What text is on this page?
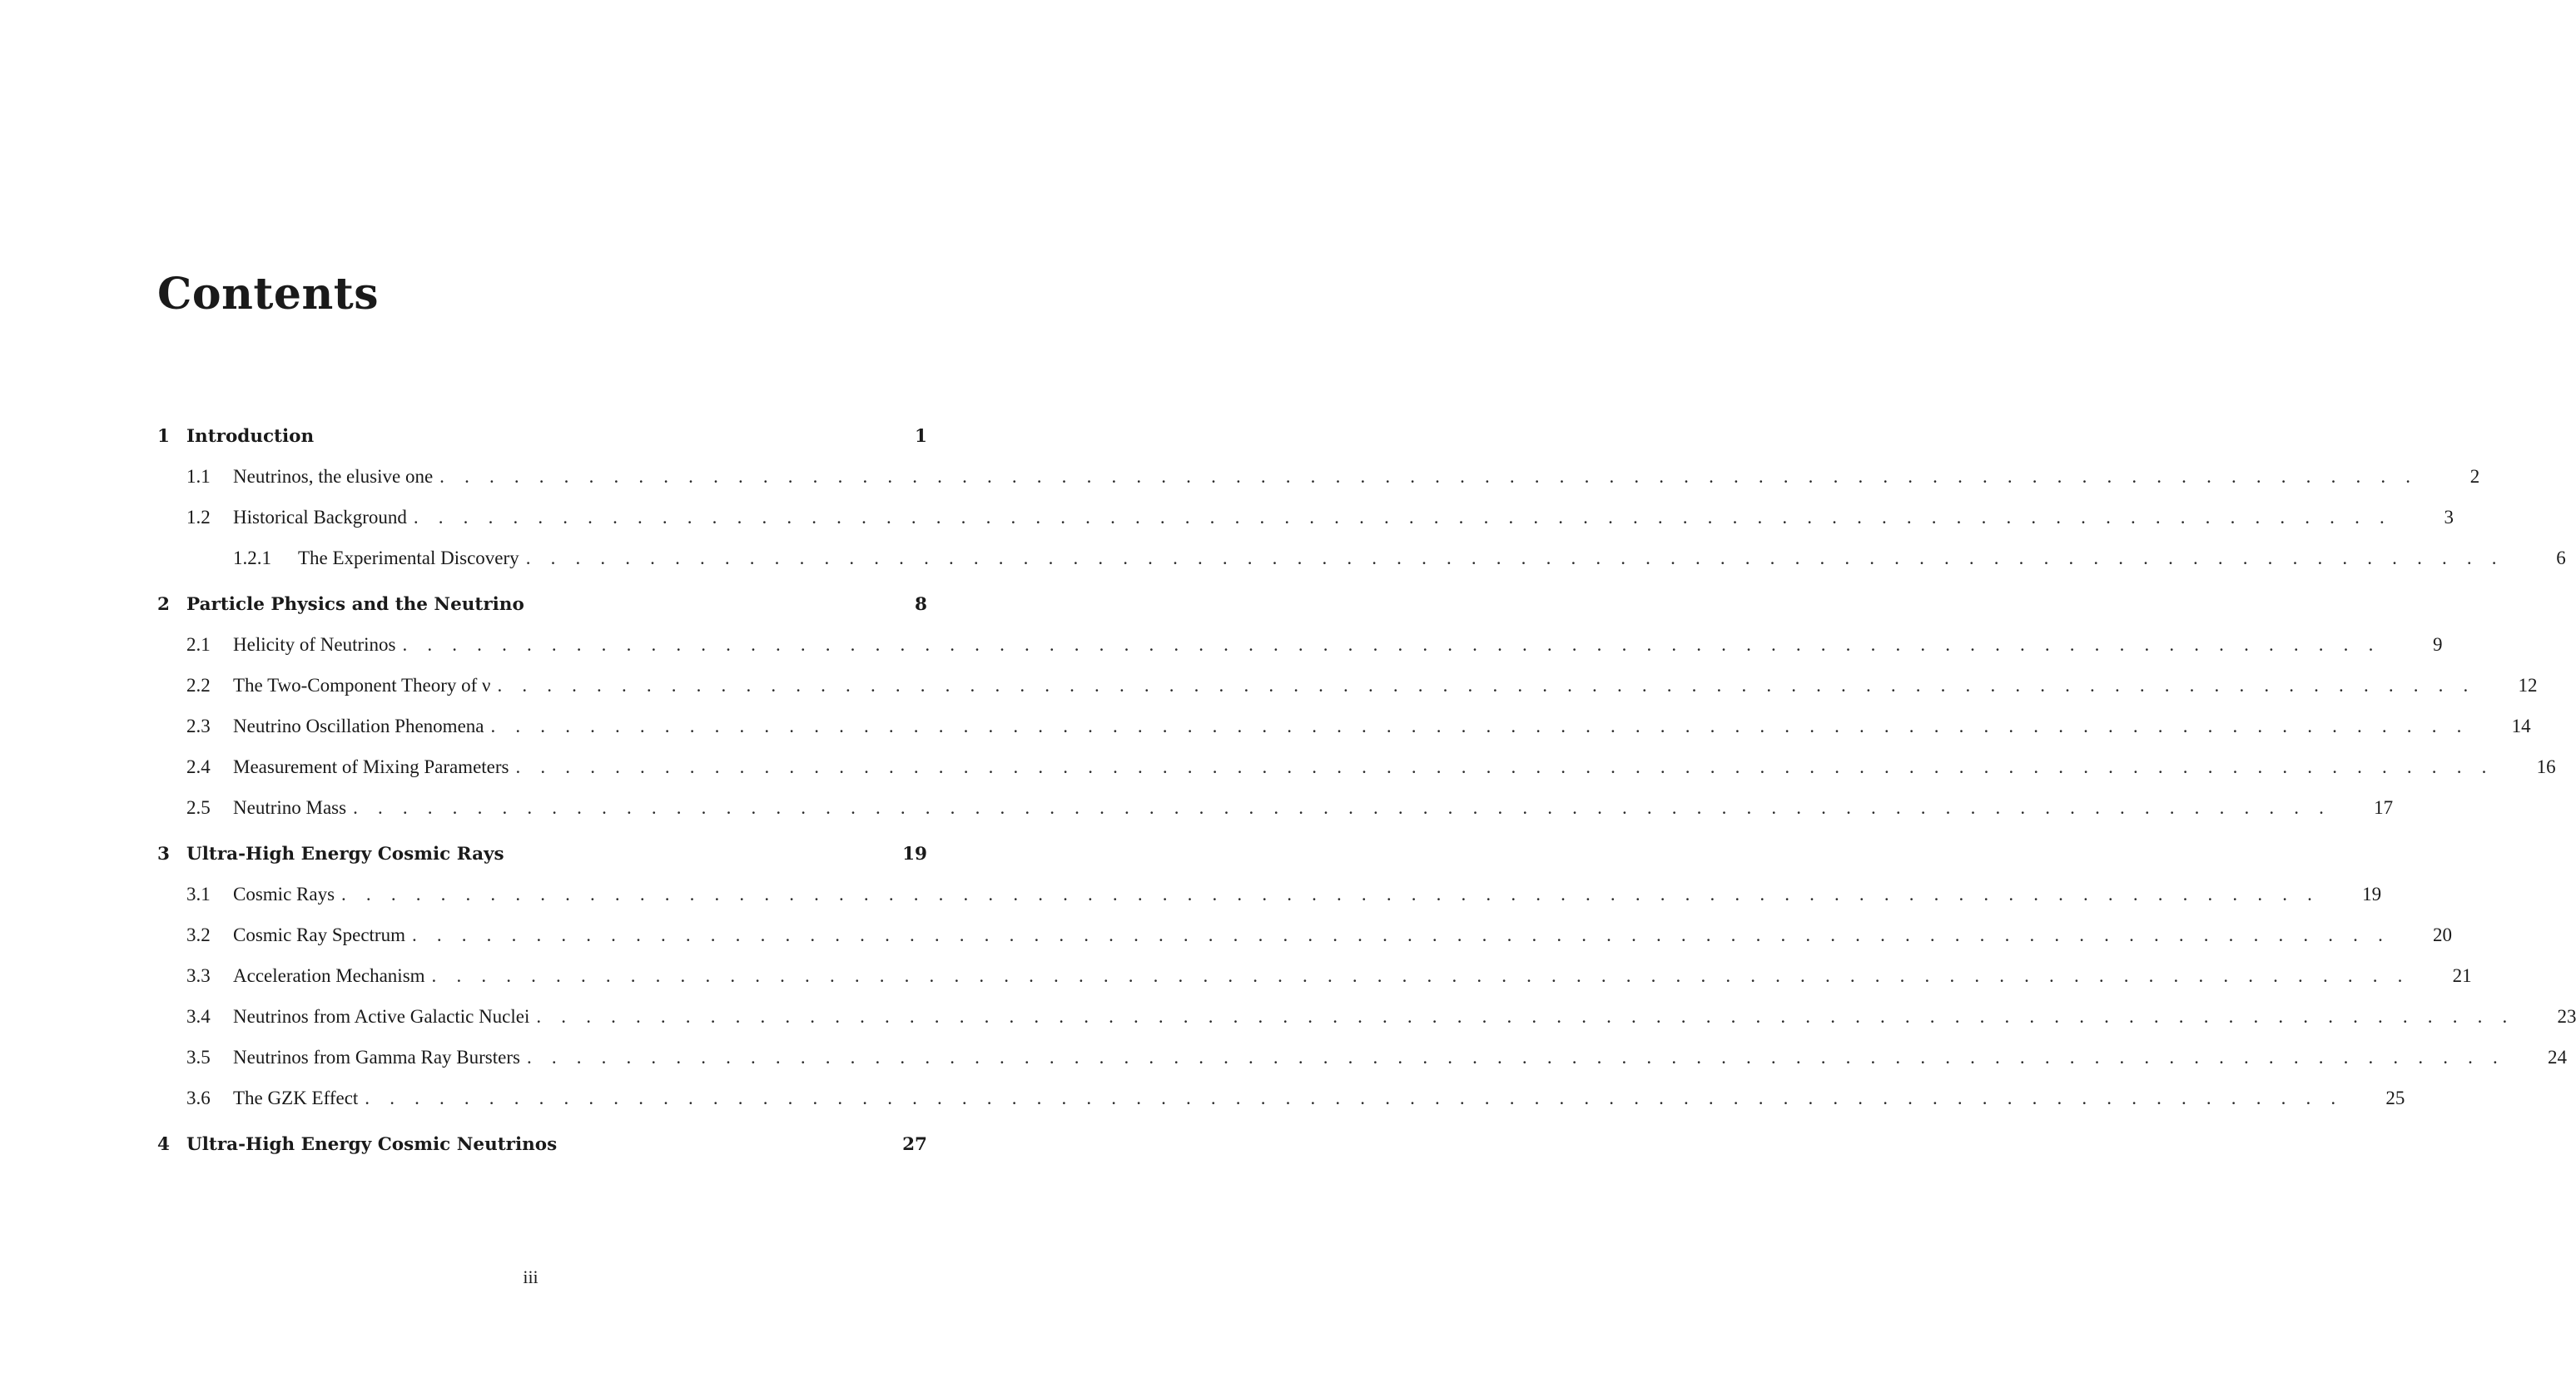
Contents
1 Introduction	1
1.1	Neutrinos, the elusive one . . . . . . . . . . . . . . . . . . . . . . . . . . . . . . . . . . . . . . . . . . . . . . . . . . . . . . . . . . . . . . . . . . . . . . . . . . . . . . . .	2
1.2	Historical Background . . . . . . . . . . . . . . . . . . . . . . . . . . . . . . . . . . . . . . . . . . . . . . . . . . . . . . . . . . . . . . . . . . . . . . . . . . . . . . . .	3
1.2.1	The Experimental Discovery . . . . . . . . . . . . . . . . . . . . . . . . . . . . . . . . . . . . . . . . . . . . . . . . . . . . . . . . . . . . . . . . . . . . . . . . . . . . . . . .	6
2 Particle Physics and the Neutrino	8
2.1	Helicity of Neutrinos . . . . . . . . . . . . . . . . . . . . . . . . . . . . . . . . . . . . . . . . . . . . . . . . . . . . . . . . . . . . . . . . . . . . . . . . . . . . . . . .	9
2.2	The Two-Component Theory of ν . . . . . . . . . . . . . . . . . . . . . . . . . . . . . . . . . . . . . . . . . . . . . . . . . . . . . . . . . . . . . . . . . . . . . . . . . . . . . . . .	12
2.3	Neutrino Oscillation Phenomena . . . . . . . . . . . . . . . . . . . . . . . . . . . . . . . . . . . . . . . . . . . . . . . . . . . . . . . . . . . . . . . . . . . . . . . . . . . . . . . .	14
2.4	Measurement of Mixing Parameters . . . . . . . . . . . . . . . . . . . . . . . . . . . . . . . . . . . . . . . . . . . . . . . . . . . . . . . . . . . . . . . . . . . . . . . . . . . . . . . .	16
2.5	Neutrino Mass . . . . . . . . . . . . . . . . . . . . . . . . . . . . . . . . . . . . . . . . . . . . . . . . . . . . . . . . . . . . . . . . . . . . . . . . . . . . . . . .	17
3 Ultra-High Energy Cosmic Rays	19
3.1	Cosmic Rays . . . . . . . . . . . . . . . . . . . . . . . . . . . . . . . . . . . . . . . . . . . . . . . . . . . . . . . . . . . . . . . . . . . . . . . . . . . . . . . .	19
3.2	Cosmic Ray Spectrum . . . . . . . . . . . . . . . . . . . . . . . . . . . . . . . . . . . . . . . . . . . . . . . . . . . . . . . . . . . . . . . . . . . . . . . . . . . . . . . .	20
3.3	Acceleration Mechanism . . . . . . . . . . . . . . . . . . . . . . . . . . . . . . . . . . . . . . . . . . . . . . . . . . . . . . . . . . . . . . . . . . . . . . . . . . . . . . . .	21
3.4	Neutrinos from Active Galactic Nuclei . . . . . . . . . . . . . . . . . . . . . . . . . . . . . . . . . . . . . . . . . . . . . . . . . . . . . . . . . . . . . . . . . . . . . . . . . . . . . . . .	23
3.5	Neutrinos from Gamma Ray Bursters . . . . . . . . . . . . . . . . . . . . . . . . . . . . . . . . . . . . . . . . . . . . . . . . . . . . . . . . . . . . . . . . . . . . . . . . . . . . . . . .	24
3.6	The GZK Effect . . . . . . . . . . . . . . . . . . . . . . . . . . . . . . . . . . . . . . . . . . . . . . . . . . . . . . . . . . . . . . . . . . . . . . . . . . . . . . . .	25
4 Ultra-High Energy Cosmic Neutrinos	27
iii
